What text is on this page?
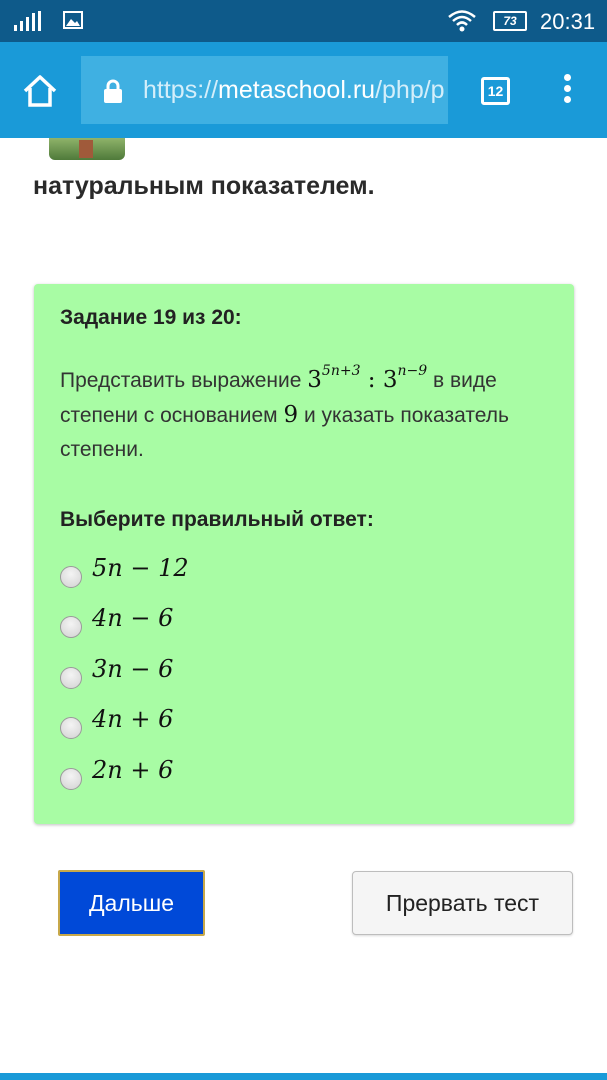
73	20:31
https://metaschool.ru/php/p	12
натуральным показателем.
Задание 19 из 20:
Представить выражение $3^{5n+3}$ : $3^{n-9}$ в виде степени с основанием 9 и указать показатель степени.
Выберите правильный ответ:
5n − 12
4n − 6
3n − 6
4n + 6
2n + 6
Дальше	Прервать тест
